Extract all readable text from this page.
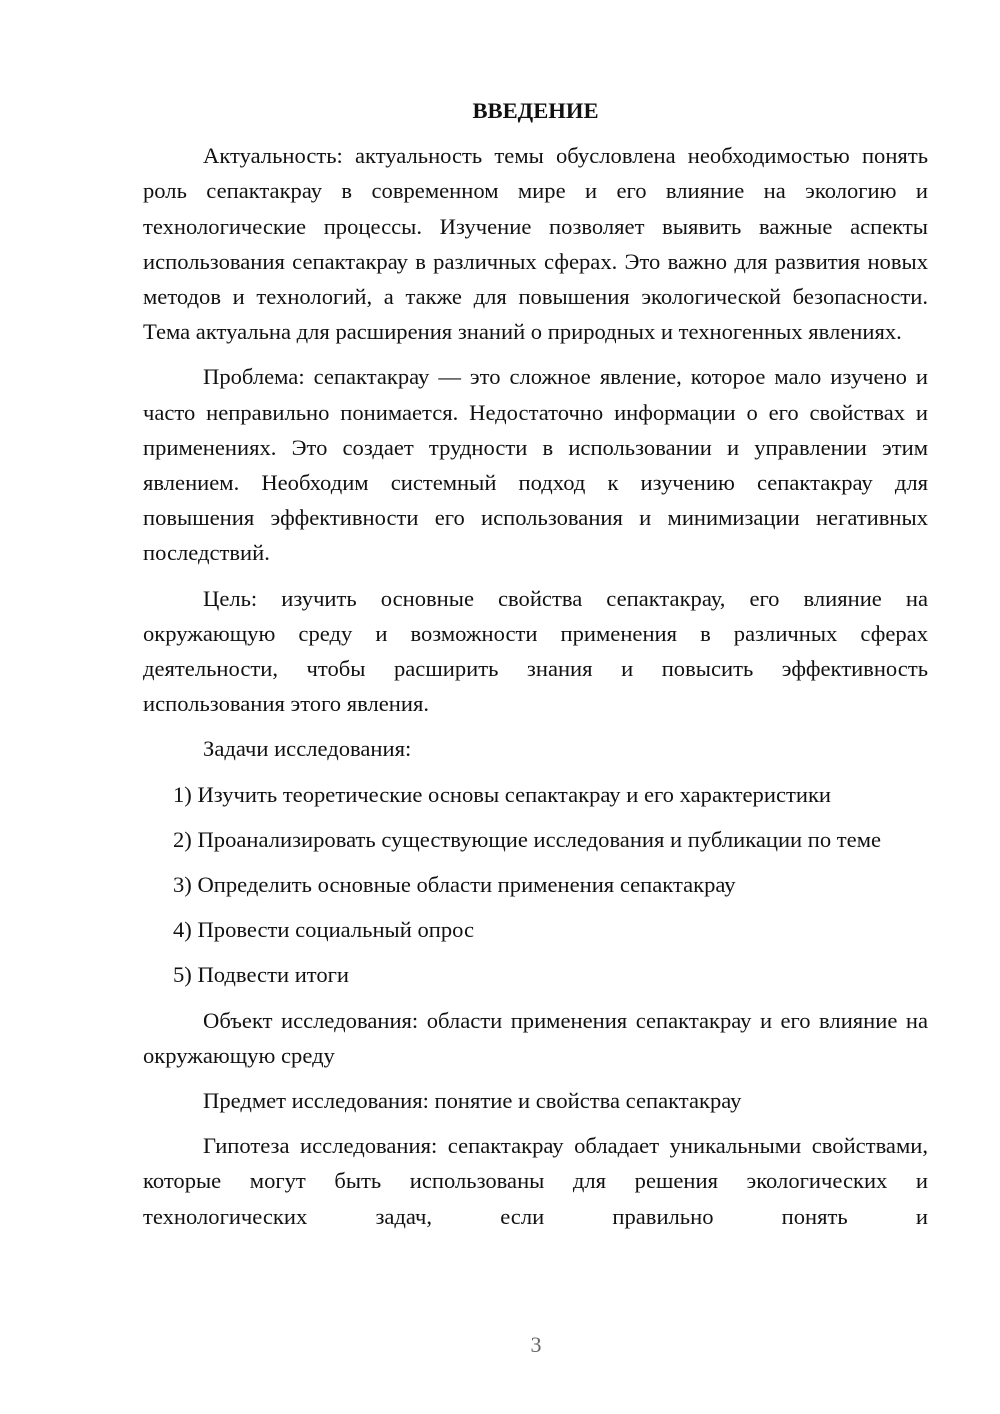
ВВЕДЕНИЕ

Актуальность: актуальность темы обусловлена необходимостью понять роль сепактакрау в современном мире и его влияние на экологию и технологические процессы. Изучение позволяет выявить важные аспекты использования сепактакрау в различных сферах. Это важно для развития новых методов и технологий, а также для повышения экологической безопасности. Тема актуальна для расширения знаний о природных и техногенных явлениях.

Проблема: сепактакрау — это сложное явление, которое мало изучено и часто неправильно понимается. Недостаточно информации о его свойствах и применениях. Это создает трудности в использовании и управлении этим явлением. Необходим системный подход к изучению сепактакрау для повышения эффективности его использования и минимизации негативных последствий.

Цель: изучить основные свойства сепактакрау, его влияние на окружающую среду и возможности применения в различных сферах деятельности, чтобы расширить знания и повысить эффективность использования этого явления.

Задачи исследования:

1) Изучить теоретические основы сепактакрау и его характеристики

2) Проанализировать существующие исследования и публикации по теме

3) Определить основные области применения сепактакрау

4) Провести социальный опрос

5) Подвести итоги

Объект исследования: области применения сепактакрау и его влияние на окружающую среду

Предмет исследования: понятие и свойства сепактакрау

Гипотеза исследования: сепактакрау обладает уникальными свойствами, которые могут быть использованы для решения экологических и технологических задач, если правильно понять и

3
